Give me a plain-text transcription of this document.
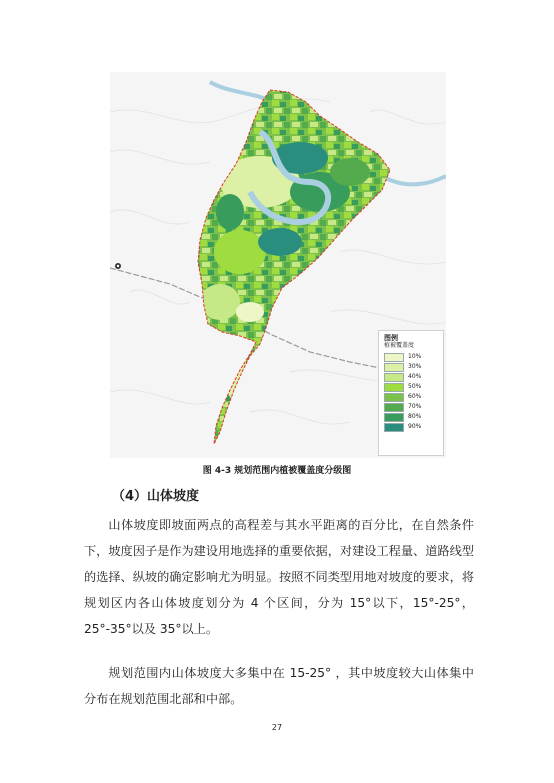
图例
植被覆盖度
10%
30%
40%
50%
60%
70%
80%
90%
图 4-3 规划范围内植被覆盖度分级图
（4）山体坡度

山体坡度即坡面两点的高程差与其水平距离的百分比，在自然条件下，坡度因子是作为建设用地选择的重要依据，对建设工程量、道路线型的选择、纵坡的确定影响尤为明显。按照不同类型用地对坡度的要求，将规划区内各山体坡度划分为 4 个区间，分为 15°以下，15°-25°，25°-35°以及 35°以上。

规划范围内山体坡度大多集中在 15-25° ，其中坡度较大山体集中分布在规划范围北部和中部。

27
